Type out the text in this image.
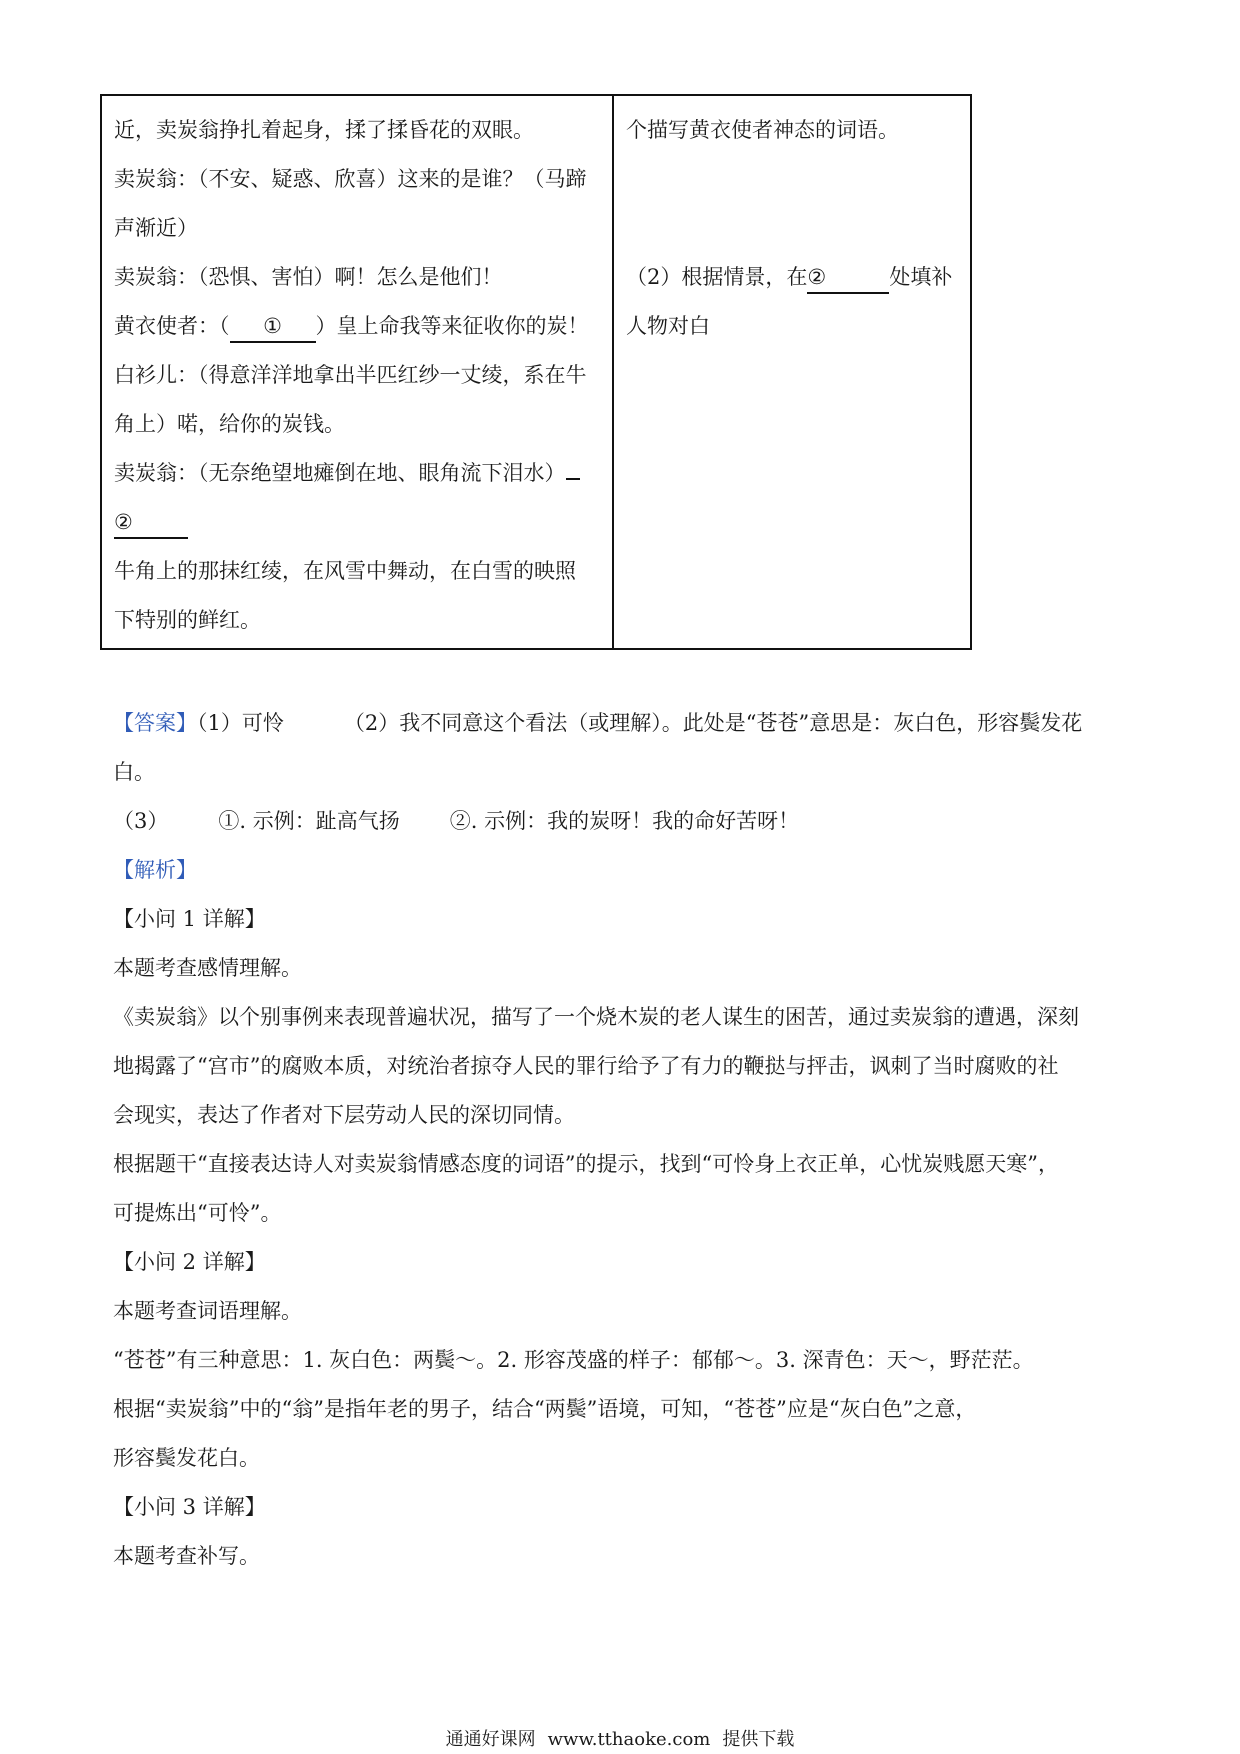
近，卖炭翁挣扎着起身，揉了揉昏花的双眼。
卖炭翁：（不安、疑惑、欣喜）这来的是谁？（马蹄
声渐近）
卖炭翁：（恐惧、害怕）啊！怎么是他们！
黄衣使者：（ ① ）皇上命我等来征收你的炭！
白衫儿：（得意洋洋地拿出半匹红纱一丈绫，系在牛
角上）喏，给你的炭钱。
卖炭翁：（无奈绝望地瘫倒在地、眼角流下泪水）
②
牛角上的那抹红绫，在风雪中舞动，在白雪的映照
下特别的鲜红。
个描写黄衣使者神态的词语。
（2）根据情景，在②	处填补
人物对白
【答案】（1）可怜	（2）我不同意这个看法（或理解）。此处是“苍苍”意思是：灰白色，形容鬓发花
白。
（3） ①. 示例：趾高气扬 ②. 示例：我的炭呀！我的命好苦呀！
【解析】
【小问 1 详解】
本题考查感情理解。
《卖炭翁》以个别事例来表现普遍状况，描写了一个烧木炭的老人谋生的困苦，通过卖炭翁的遭遇，深刻
地揭露了“宫市”的腐败本质，对统治者掠夺人民的罪行给予了有力的鞭挞与抨击，讽刺了当时腐败的社
会现实，表达了作者对下层劳动人民的深切同情。
根据题干“直接表达诗人对卖炭翁情感态度的词语”的提示，找到“可怜身上衣正单，心忧炭贱愿天寒”，
可提炼出“可怜”。
【小问 2 详解】
本题考查词语理解。
“苍苍”有三种意思：1. 灰白色：两鬓～。2. 形容茂盛的样子：郁郁～。3. 深青色：天～，野茫茫。
根据“卖炭翁”中的“翁”是指年老的男子，结合“两鬓”语境，可知，“苍苍”应是“灰白色”之意，
形容鬓发花白。
【小问 3 详解】
本题考查补写。
通通好课网 www.tthaoke.com 提供下载
